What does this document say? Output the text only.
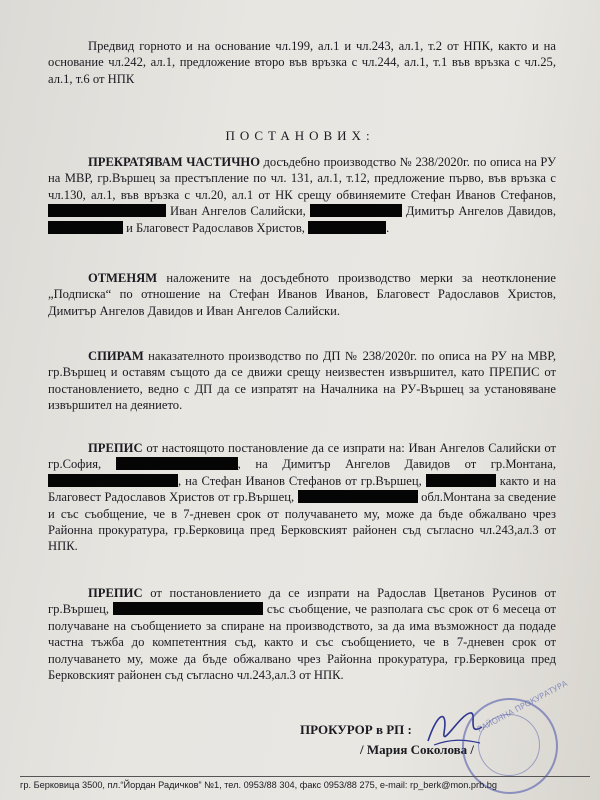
Предвид горното и на основание чл.199, ал.1 и чл.243, ал.1, т.2 от НПК, както и на основание чл.242, ал.1, предложение второ във връзка с чл.244, ал.1, т.1 във връзка с чл.25, ал.1, т.6 от НПК
ПОСТАНОВИХ:
ПРЕКРАТЯВАМ ЧАСТИЧНО досъдебно производство № 238/2020г. по описа на РУ на МВР, гр.Вършец за престъпление по чл. 131, ал.1, т.12, предложение първо, във връзка с чл.130, ал.1, във връзка с чл.20, ал.1 от НК срещу обвиняемите Стефан Иванов Стефанов,  Иван Ангелов Салийски,	Димитър Ангелов Давидов,  и Благовест Радославов Христов,	.
ОТМЕНЯМ наложените на досъдебното производство мерки за неотклонение „Подписка“ по отношение на Стефан Иванов Иванов, Благовест Радославов Христов, Димитър Ангелов Давидов и Иван Ангелов Салийски.
СПИРАМ наказателното производство по ДП № 238/2020г. по описа на РУ на МВР, гр.Вършец и оставям същото да се движи срещу неизвестен извършител, като ПРЕПИС от постановлението, ведно с ДП да се изпратят на Началника на РУ-Вършец за установяване извършител на деянието.
ПРЕПИС от настоящото постановление да се изпрати на: Иван Ангелов Салийски от гр.София,	, на Димитър Ангелов Давидов от гр.Монтана, , на Стефан Иванов Стефанов от гр.Вършец,	както и на Благовест Радославов Христов от гр.Вършец,	обл.Монтана за сведение и със съобщение, че в 7-дневен срок от получаването му, може да бъде обжалвано чрез Районна прокуратура, гр.Берковица пред Берковският районен съд съгласно чл.243,ал.3 от НПК.
ПРЕПИС от постановлението да се изпрати на Радослав Цветанов Русинов от гр.Вършец,	със съобщение, че разполага със срок от 6 месеца от получаване на съобщението за спиране на производството, за да има възможност да подаде частна тъжба до компетентния съд, както и със съобщението, че в 7-дневен срок от получаването му, може да бъде обжалвано чрез Районна прокуратура, гр.Берковица пред Берковският районен съд съгласно чл.243,ал.3 от НПК.
ПРОКУРОР в РП :
/ Мария Соколова /
РАЙОННА ПРОКУРАТУРА
гр. Берковица 3500, пл.“Йордан Радичков” №1, тел. 0953/88 304, факс 0953/88 275, e-mail: rp_berk@mon.prb.bg
